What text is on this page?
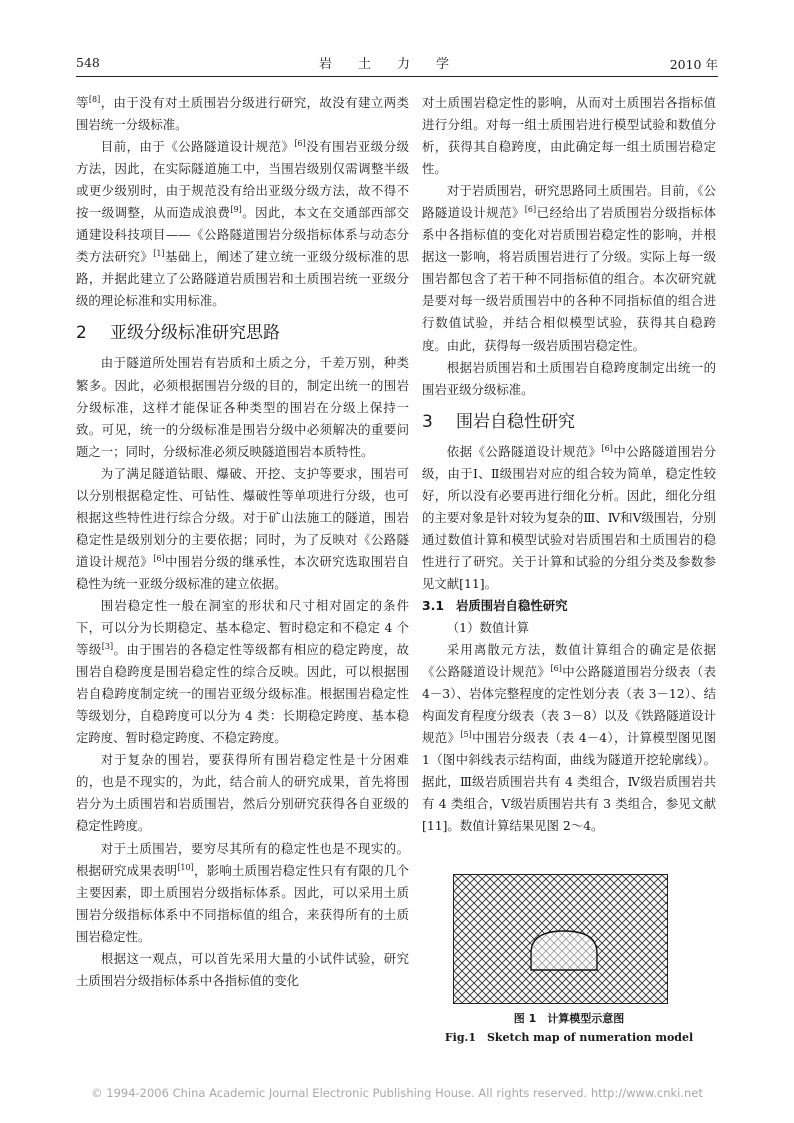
548	岩土力学	2010 年

等[8]，由于没有对土质围岩分级进行研究，故没有建立两类围岩统一分级标准。

目前，由于《公路隧道设计规范》[6]没有围岩亚级分级方法，因此，在实际隧道施工中，当围岩级别仅需调整半级或更少级别时，由于规范没有给出亚级分级方法，故不得不按一级调整，从而造成浪费[9]。因此，本文在交通部西部交通建设科技项目——《公路隧道围岩分级指标体系与动态分类方法研究》[1]基础上，阐述了建立统一亚级分级标准的思路，并据此建立了公路隧道岩质围岩和土质围岩统一亚级分级的理论标准和实用标准。

2 亚级分级标准研究思路

由于隧道所处围岩有岩质和土质之分，千差万别，种类繁多。因此，必须根据围岩分级的目的，制定出统一的围岩分级标准，这样才能保证各种类型的围岩在分级上保持一致。可见，统一的分级标准是围岩分级中必须解决的重要问题之一；同时，分级标准必须反映隧道围岩本质特性。

为了满足隧道钻眼、爆破、开挖、支护等要求，围岩可以分别根据稳定性、可钻性、爆破性等单项进行分级，也可根据这些特性进行综合分级。对于矿山法施工的隧道，围岩稳定性是级别划分的主要依据；同时，为了反映对《公路隧道设计规范》[6]中围岩分级的继承性，本次研究选取围岩自稳性为统一亚级分级标准的建立依据。

围岩稳定性一般在洞室的形状和尺寸相对固定的条件下，可以分为长期稳定、基本稳定、暂时稳定和不稳定 4 个等级[3]。由于围岩的各稳定性等级都有相应的稳定跨度，故围岩自稳跨度是围岩稳定性的综合反映。因此，可以根据围岩自稳跨度制定统一的围岩亚级分级标准。根据围岩稳定性等级划分，自稳跨度可以分为 4 类：长期稳定跨度、基本稳定跨度、暂时稳定跨度、不稳定跨度。

对于复杂的围岩，要获得所有围岩稳定性是十分困难的，也是不现实的，为此，结合前人的研究成果，首先将围岩分为土质围岩和岩质围岩，然后分别研究获得各自亚级的稳定性跨度。

对于土质围岩，要穷尽其所有的稳定性也是不现实的。根据研究成果表明[10]，影响土质围岩稳定性只有有限的几个主要因素，即土质围岩分级指标体系。因此，可以采用土质围岩分级指标体系中不同指标值的组合，来获得所有的土质围岩稳定性。

根据这一观点，可以首先采用大量的小试件试验，研究土质围岩分级指标体系中各指标值的变化

对土质围岩稳定性的影响，从而对土质围岩各指标值进行分组。对每一组土质围岩进行模型试验和数值分析，获得其自稳跨度，由此确定每一组土质围岩稳定性。

对于岩质围岩，研究思路同土质围岩。目前，《公路隧道设计规范》[6]已经给出了岩质围岩分级指标体系中各指标值的变化对岩质围岩稳定性的影响，并根据这一影响，将岩质围岩进行了分级。实际上每一级围岩都包含了若干种不同指标值的组合。本次研究就是要对每一级岩质围岩中的各种不同指标值的组合进行数值试验，并结合相似模型试验，获得其自稳跨度。由此，获得每一级岩质围岩稳定性。

根据岩质围岩和土质围岩自稳跨度制定出统一的围岩亚级分级标准。

3 围岩自稳性研究

依据《公路隧道设计规范》[6]中公路隧道围岩分级，由于Ⅰ、Ⅱ级围岩对应的组合较为简单，稳定性较好，所以没有必要再进行细化分析。因此，细化分组的主要对象是针对较为复杂的Ⅲ、Ⅳ和Ⅴ级围岩，分别通过数值计算和模型试验对岩质围岩和土质围岩的稳性进行了研究。关于计算和试验的分组分类及参数参见文献[11]。

3.1 岩质围岩自稳性研究

（1）数值计算

采用离散元方法，数值计算组合的确定是依据《公路隧道设计规范》[6]中公路隧道围岩分级表（表 4－3）、岩体完整程度的定性划分表（表 3－12）、结构面发育程度分级表（表 3－8）以及《铁路隧道设计规范》[5]中围岩分级表（表 4－4），计算模型图见图 1（图中斜线表示结构面，曲线为隧道开挖轮廓线）。据此，Ⅲ级岩质围岩共有 4 类组合，Ⅳ级岩质围岩共有 4 类组合，Ⅴ级岩质围岩共有 3 类组合，参见文献[11]。数值计算结果见图 2～4。

图 1　计算模型示意图
Fig.1　Sketch map of numeration model
© 1994-2006 China Academic Journal Electronic Publishing House. All rights reserved. http://www.cnki.net
